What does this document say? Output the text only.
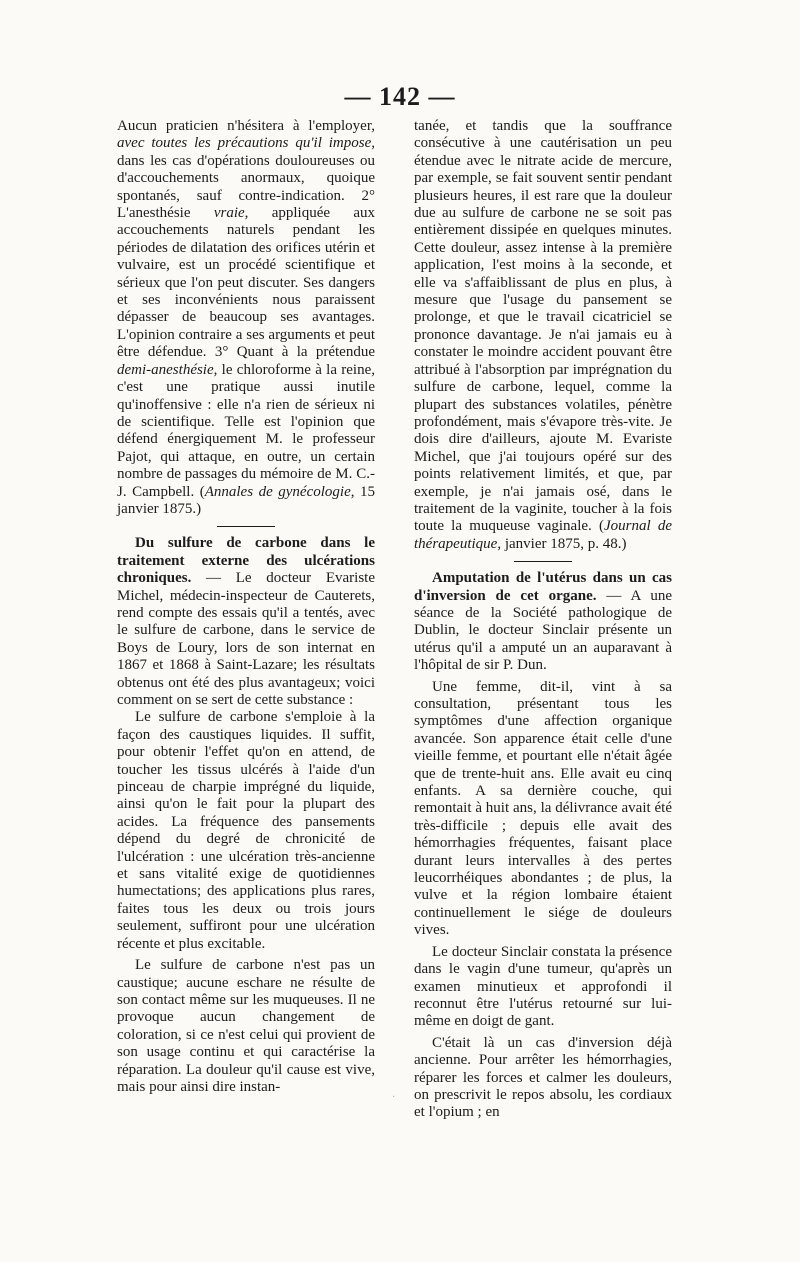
— 142 —

Aucun praticien n'hésitera à l'employer, avec toutes les précautions qu'il impose, dans les cas d'opérations douloureuses ou d'accouchements anormaux, quoique spontanés, sauf contre-indication. 2° L'anesthésie vraie, appliquée aux accouchements naturels pendant les périodes de dilatation des orifices utérin et vulvaire, est un procédé scientifique et sérieux que l'on peut discuter. Ses dangers et ses inconvénients nous paraissent dépasser de beaucoup ses avantages. L'opinion contraire a ses arguments et peut être défendue. 3° Quant à la prétendue demi-anesthésie, le chloroforme à la reine, c'est une pratique aussi inutile qu'inoffensive : elle n'a rien de sérieux ni de scientifique. Telle est l'opinion que défend énergiquement M. le professeur Pajot, qui attaque, en outre, un certain nombre de passages du mémoire de M. C.-J. Campbell. (Annales de gynécologie, 15 janvier 1875.)

Du sulfure de carbone dans le traitement externe des ulcérations chroniques. — Le docteur Evariste Michel, médecin-inspecteur de Cauterets, rend compte des essais qu'il a tentés, avec le sulfure de carbone, dans le service de Boys de Loury, lors de son internat en 1867 et 1868 à Saint-Lazare; les résultats obtenus ont été des plus avantageux; voici comment on se sert de cette substance :

Le sulfure de carbone s'emploie à la façon des caustiques liquides. Il suffit, pour obtenir l'effet qu'on en attend, de toucher les tissus ulcérés à l'aide d'un pinceau de charpie imprégné du liquide, ainsi qu'on le fait pour la plupart des acides. La fréquence des pansements dépend du degré de chronicité de l'ulcération : une ulcération très-ancienne et sans vitalité exige de quotidiennes humectations; des applications plus rares, faites tous les deux ou trois jours seulement, suffiront pour une ulcération récente et plus excitable.

Le sulfure de carbone n'est pas un caustique; aucune eschare ne résulte de son contact même sur les muqueuses. Il ne provoque aucun changement de coloration, si ce n'est celui qui provient de son usage continu et qui caractérise la réparation. La douleur qu'il cause est vive, mais pour ainsi dire instan-

·

tanée, et tandis que la souffrance consécutive à une cautérisation un peu étendue avec le nitrate acide de mercure, par exemple, se fait souvent sentir pendant plusieurs heures, il est rare que la douleur due au sulfure de carbone ne se soit pas entièrement dissipée en quelques minutes. Cette douleur, assez intense à la première application, l'est moins à la seconde, et elle va s'affaiblissant de plus en plus, à mesure que l'usage du pansement se prolonge, et que le travail cicatriciel se prononce davantage. Je n'ai jamais eu à constater le moindre accident pouvant être attribué à l'absorption par imprégnation du sulfure de carbone, lequel, comme la plupart des substances volatiles, pénètre profondément, mais s'évapore très-vite. Je dois dire d'ailleurs, ajoute M. Evariste Michel, que j'ai toujours opéré sur des points relativement limités, et que, par exemple, je n'ai jamais osé, dans le traitement de la vaginite, toucher à la fois toute la muqueuse vaginale. (Journal de thérapeutique, janvier 1875, p. 48.)

Amputation de l'utérus dans un cas d'inversion de cet organe. — A une séance de la Société pathologique de Dublin, le docteur Sinclair présente un utérus qu'il a amputé un an auparavant à l'hôpital de sir P. Dun.

Une femme, dit-il, vint à sa consultation, présentant tous les symptômes d'une affection organique avancée. Son apparence était celle d'une vieille femme, et pourtant elle n'était âgée que de trente-huit ans. Elle avait eu cinq enfants. A sa dernière couche, qui remontait à huit ans, la délivrance avait été très-difficile ; depuis elle avait des hémorrhagies fréquentes, faisant place durant leurs intervalles à des pertes leucorrhéiques abondantes ; de plus, la vulve et la région lombaire étaient continuellement le siége de douleurs vives.

Le docteur Sinclair constata la présence dans le vagin d'une tumeur, qu'après un examen minutieux et approfondi il reconnut être l'utérus retourné sur lui-même en doigt de gant.

C'était là un cas d'inversion déjà ancienne. Pour arrêter les hémorrhagies, réparer les forces et calmer les douleurs, on prescrivit le repos absolu, les cordiaux et l'opium ; en
